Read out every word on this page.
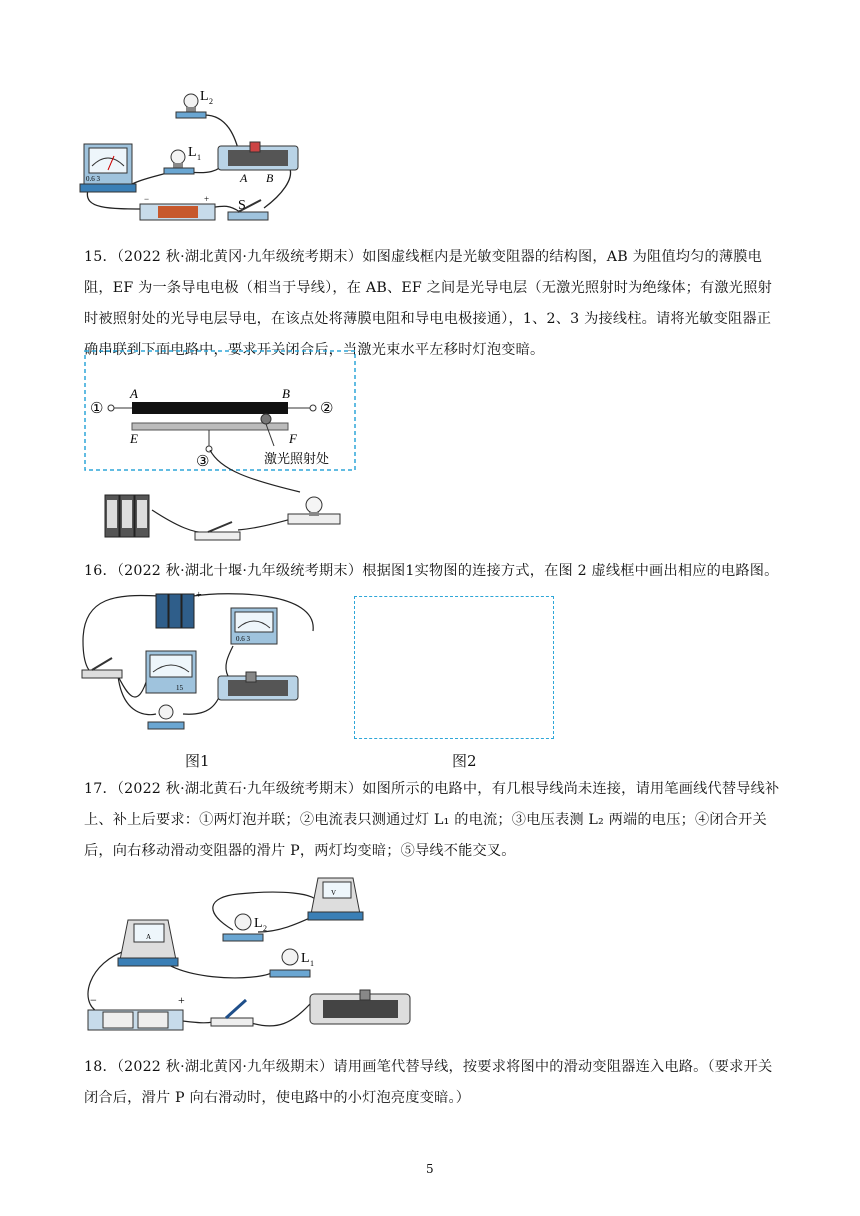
0.6 3
L 2
L 1
A B
−	+ S
15．（2022 秋·湖北黄冈·九年级统考期末）如图虚线框内是光敏变阻器的结构图，AB 为阻值均匀的薄膜电阻，EF 为一条导电电极（相当于导线），在 AB、EF 之间是光导电层（无激光照射时为绝缘体；有激光照射时被照射处的光导电层导电，在该点处将薄膜电阻和导电电极接通），1、2、3 为接线柱。请将光敏变阻器正确串联到下面电路中，要求开关闭合后，当激光束水平左移时灯泡变暗。
①	②
A	B
E	F
③	激光照射处
16．（2022 秋·湖北十堰·九年级统考期末）根据图1实物图的连接方式，在图 2 虚线框中画出相应的电路图。
+
0.6 3
15
图1	图2
17．（2022 秋·湖北黄石·九年级统考期末）如图所示的电路中，有几根导线尚未连接，请用笔画线代替导线补上、补上后要求：①两灯泡并联；②电流表只测通过灯 L₁ 的电流；③电压表测 L₂ 两端的电压；④闭合开关后，向右移动滑动变阻器的滑片 P，两灯均变暗；⑤导线不能交叉。
A
L 2
V
L 1
−	+
18．（2022 秋·湖北黄冈·九年级期末）请用画笔代替导线，按要求将图中的滑动变阻器连入电路。（要求开关闭合后，滑片 P 向右滑动时，使电路中的小灯泡亮度变暗。）
5
